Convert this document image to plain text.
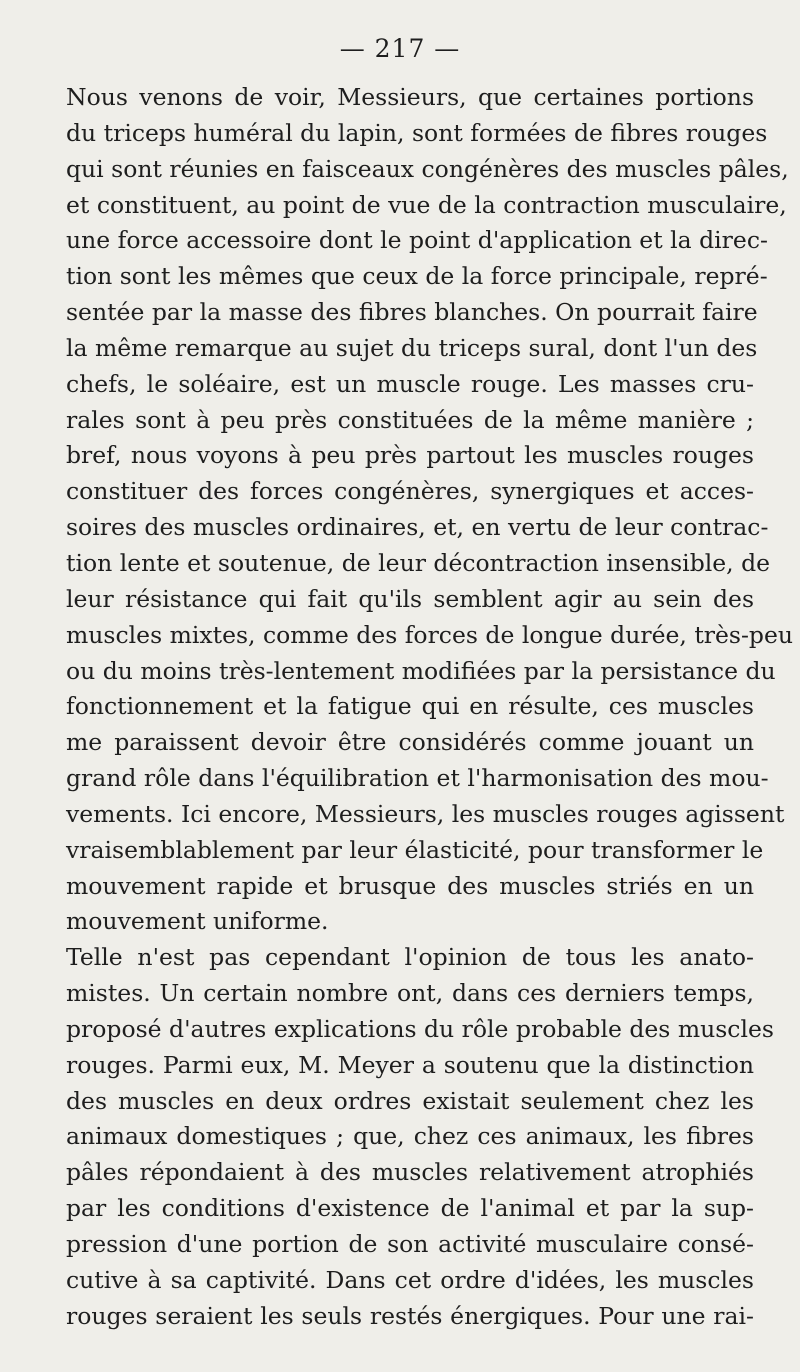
— 217 —

Nous venons de voir, Messieurs, que certaines portions
du triceps huméral du lapin, sont formées de fibres rouges
qui sont réunies en faisceaux congénères des muscles pâles,
et constituent, au point de vue de la contraction musculaire,
une force accessoire dont le point d'application et la direc-
tion sont les mêmes que ceux de la force principale, repré-
sentée par la masse des fibres blanches. On pourrait faire
la même remarque au sujet du triceps sural, dont l'un des
chefs, le soléaire, est un muscle rouge. Les masses cru-
rales sont à peu près constituées de la même manière ;
bref, nous voyons à peu près partout les muscles rouges
constituer des forces congénères, synergiques et acces-
soires des muscles ordinaires, et, en vertu de leur contrac-
tion lente et soutenue, de leur décontraction insensible, de
leur résistance qui fait qu'ils semblent agir au sein des
muscles mixtes, comme des forces de longue durée, très-peu
ou du moins très-lentement modifiées par la persistance du
fonctionnement et la fatigue qui en résulte, ces muscles
me paraissent devoir être considérés comme jouant un
grand rôle dans l'équilibration et l'harmonisation des mou-
vements. Ici encore, Messieurs, les muscles rouges agissent
vraisemblablement par leur élasticité, pour transformer le
mouvement rapide et brusque des muscles striés en un
mouvement uniforme.

Telle n'est pas cependant l'opinion de tous les anato-
mistes. Un certain nombre ont, dans ces derniers temps,
proposé d'autres explications du rôle probable des muscles
rouges. Parmi eux, M. Meyer a soutenu que la distinction
des muscles en deux ordres existait seulement chez les
animaux domestiques ; que, chez ces animaux, les fibres
pâles répondaient à des muscles relativement atrophiés
par les conditions d'existence de l'animal et par la sup-
pression d'une portion de son activité musculaire consé-
cutive à sa captivité. Dans cet ordre d'idées, les muscles
rouges seraient les seuls restés énergiques. Pour une rai-
